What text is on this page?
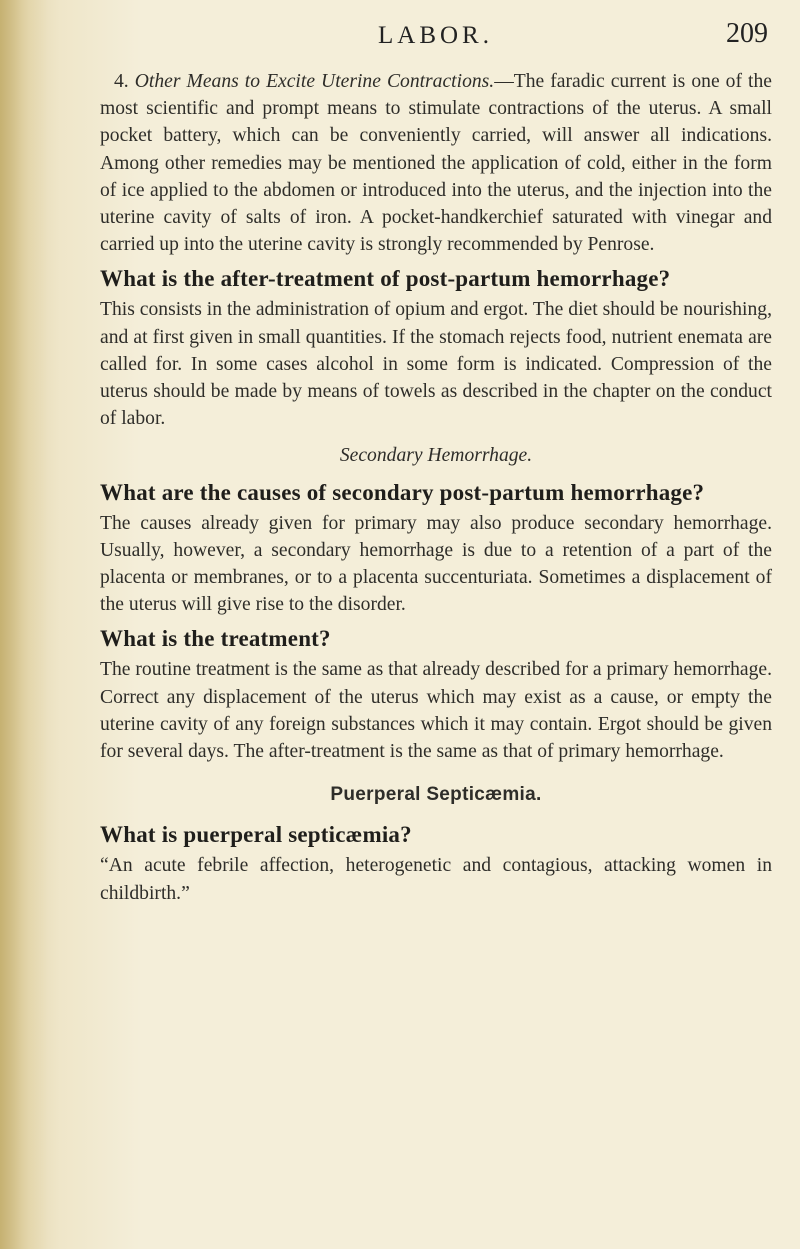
LABOR.	209

4. Other Means to Excite Uterine Contractions.—The faradic current is one of the most scientific and prompt means to stimulate contractions of the uterus. A small pocket battery, which can be conveniently carried, will answer all indications. Among other remedies may be mentioned the application of cold, either in the form of ice applied to the abdomen or introduced into the uterus, and the injection into the uterine cavity of salts of iron. A pocket-handkerchief saturated with vinegar and carried up into the uterine cavity is strongly recommended by Penrose.

What is the after-treatment of post-partum hemorrhage?

This consists in the administration of opium and ergot. The diet should be nourishing, and at first given in small quantities. If the stomach rejects food, nutrient enemata are called for. In some cases alcohol in some form is indicated. Compression of the uterus should be made by means of towels as described in the chapter on the conduct of labor.

Secondary Hemorrhage.
What are the causes of secondary post-partum hemorrhage?

The causes already given for primary may also produce secondary hemorrhage. Usually, however, a secondary hemorrhage is due to a retention of a part of the placenta or membranes, or to a placenta succenturiata. Sometimes a displacement of the uterus will give rise to the disorder.

What is the treatment?

The routine treatment is the same as that already described for a primary hemorrhage. Correct any displacement of the uterus which may exist as a cause, or empty the uterine cavity of any foreign substances which it may contain. Ergot should be given for several days. The after-treatment is the same as that of primary hemorrhage.

Puerperal Septicæmia.
What is puerperal septicæmia?

“An acute febrile affection, heterogenetic and contagious, attacking women in childbirth.”
